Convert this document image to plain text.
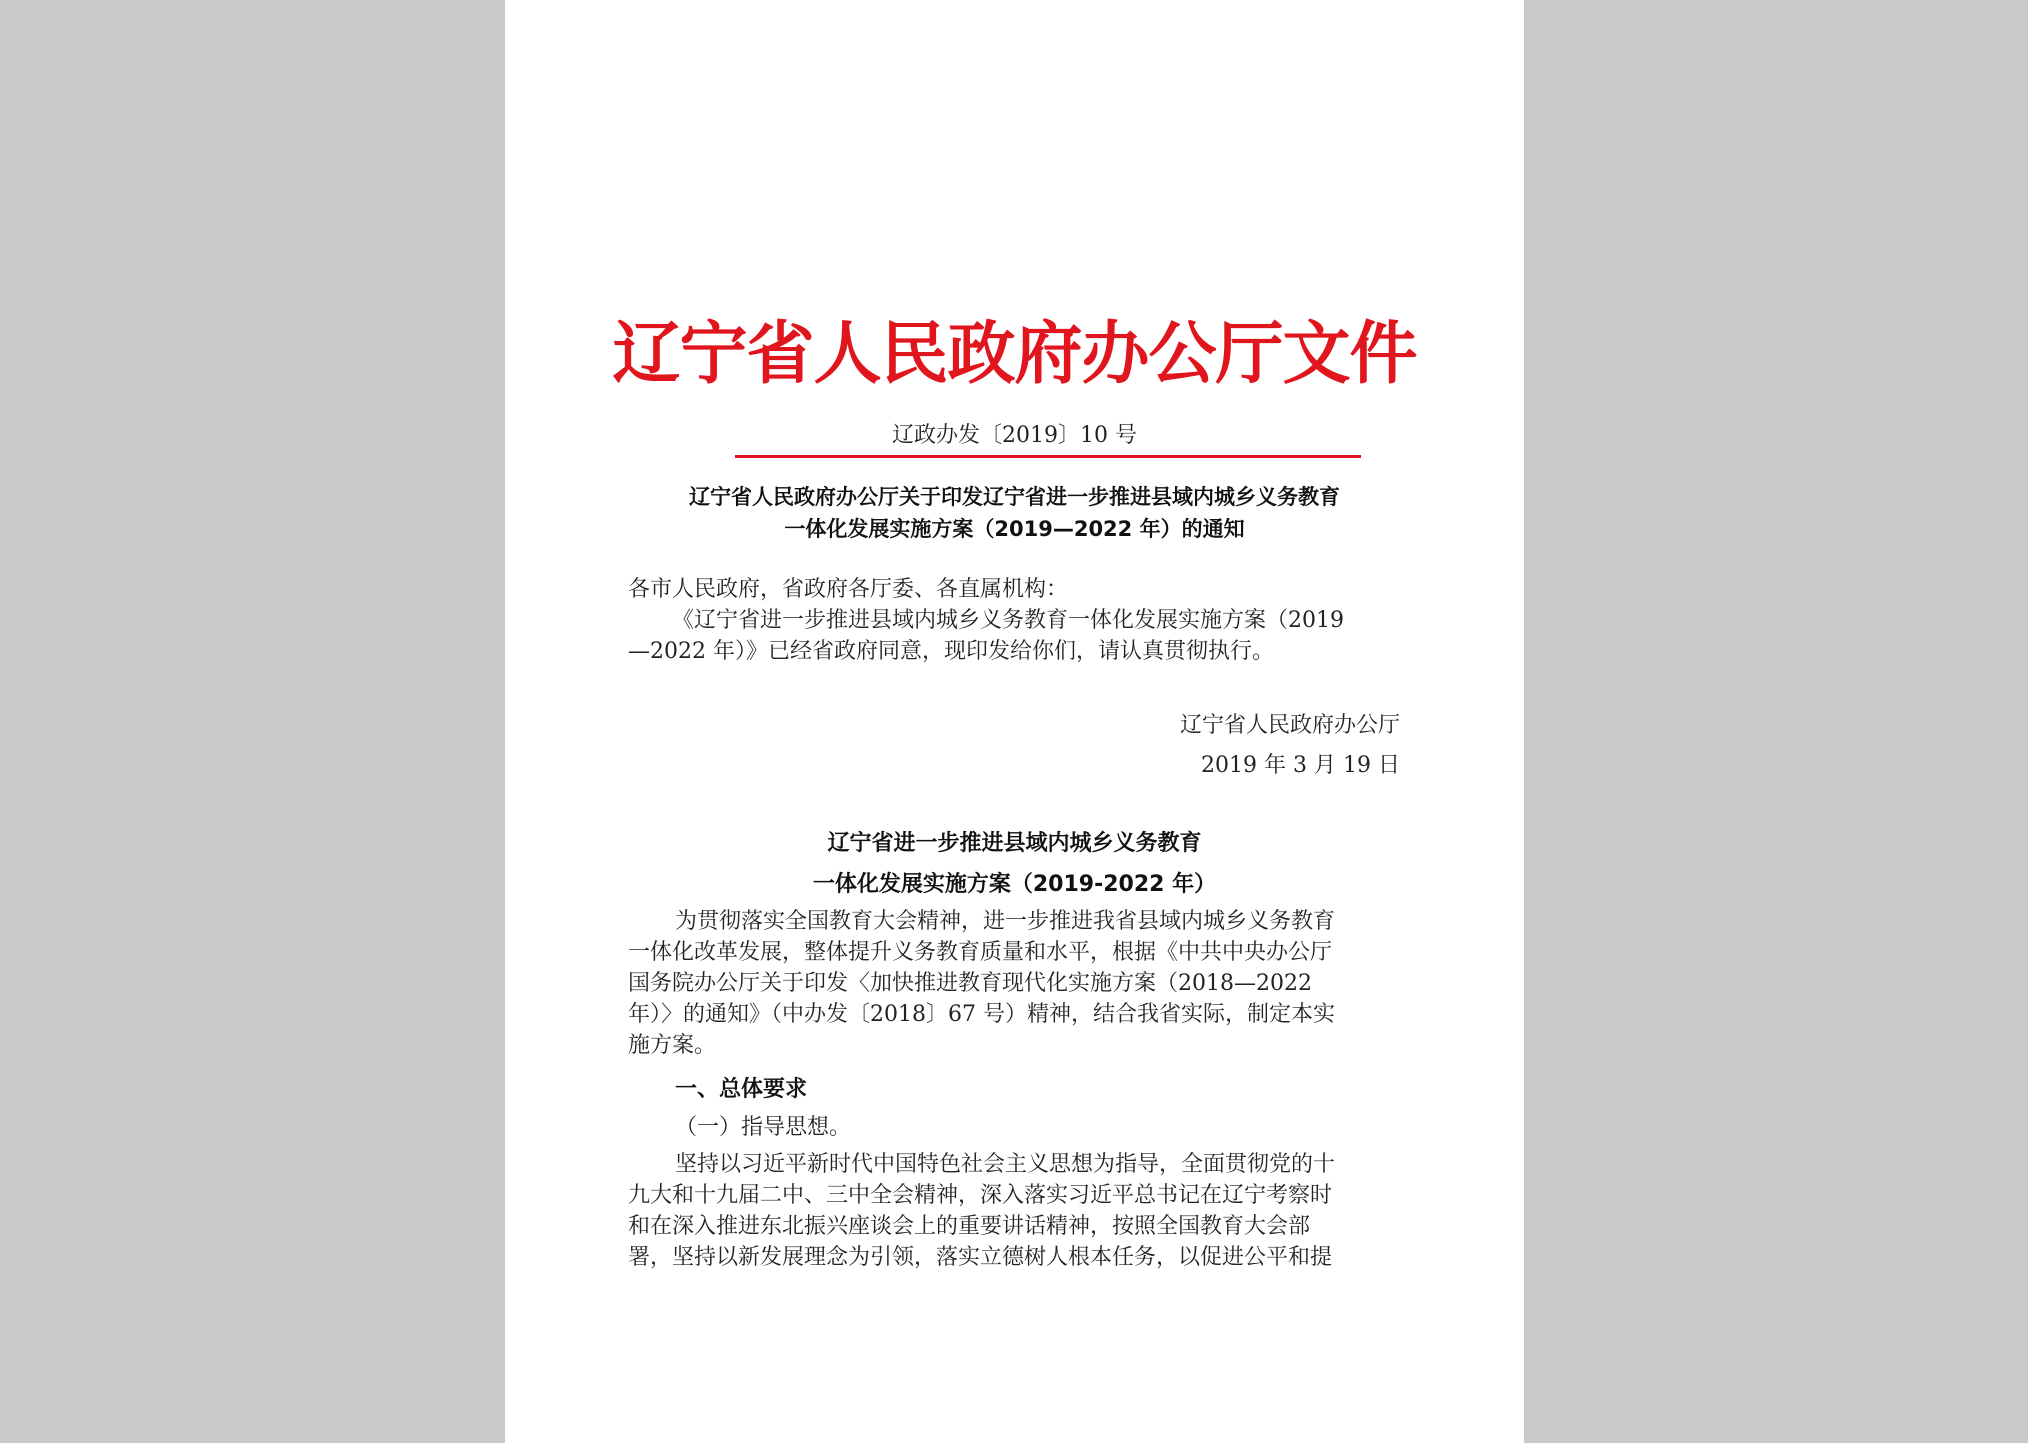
辽宁省人民政府办公厅文件
辽政办发〔2019〕10 号
辽宁省人民政府办公厅关于印发辽宁省进一步推进县域内城乡义务教育
一体化发展实施方案（2019—2022 年）的通知
各市人民政府，省政府各厅委、各直属机构：
《辽宁省进一步推进县域内城乡义务教育一体化发展实施方案（2019
—2022 年）》已经省政府同意，现印发给你们，请认真贯彻执行。
辽宁省人民政府办公厅
2019 年 3 月 19 日
辽宁省进一步推进县域内城乡义务教育
一体化发展实施方案（2019-2022 年）
为贯彻落实全国教育大会精神，进一步推进我省县域内城乡义务教育
一体化改革发展，整体提升义务教育质量和水平，根据《中共中央办公厅
国务院办公厅关于印发〈加快推进教育现代化实施方案（2018—2022
年）〉的通知》（中办发〔2018〕67 号）精神，结合我省实际，制定本实
施方案。
一、总体要求
（一）指导思想。
坚持以习近平新时代中国特色社会主义思想为指导，全面贯彻党的十
九大和十九届二中、三中全会精神，深入落实习近平总书记在辽宁考察时
和在深入推进东北振兴座谈会上的重要讲话精神，按照全国教育大会部
署，坚持以新发展理念为引领，落实立德树人根本任务，以促进公平和提
